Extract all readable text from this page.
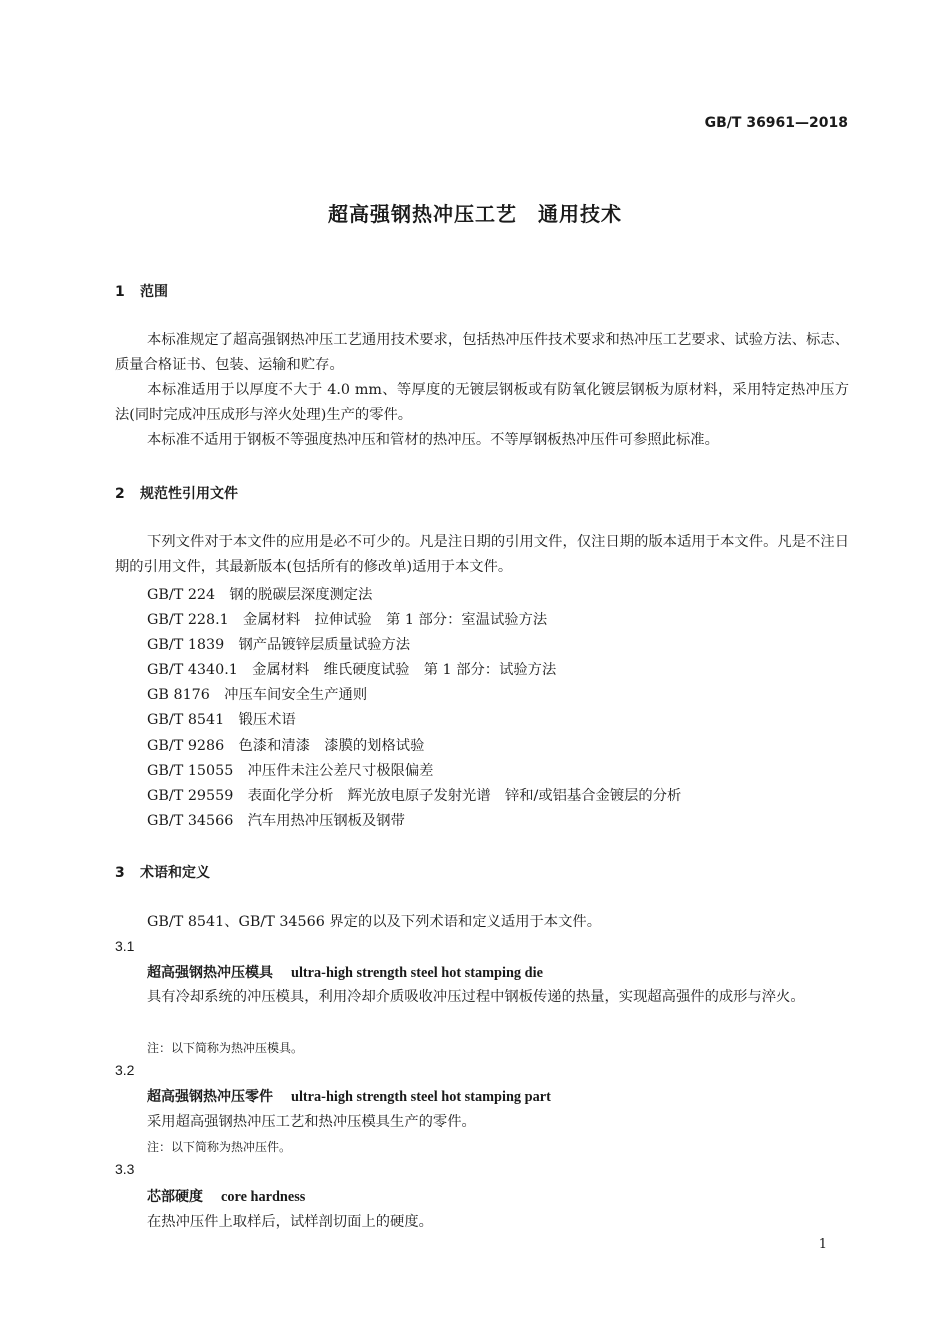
GB/T 36961—2018
超高强钢热冲压工艺　通用技术
1 范围
本标准规定了超高强钢热冲压工艺通用技术要求，包括热冲压件技术要求和热冲压工艺要求、试验方法、标志、质量合格证书、包装、运输和贮存。
本标准适用于以厚度不大于 4.0 mm、等厚度的无镀层钢板或有防氧化镀层钢板为原材料，采用特定热冲压方法(同时完成冲压成形与淬火处理)生产的零件。
本标准不适用于钢板不等强度热冲压和管材的热冲压。不等厚钢板热冲压件可参照此标准。
2 规范性引用文件
下列文件对于本文件的应用是必不可少的。凡是注日期的引用文件，仅注日期的版本适用于本文件。凡是不注日期的引用文件，其最新版本(包括所有的修改单)适用于本文件。
GB/T 224　钢的脱碳层深度测定法
GB/T 228.1　金属材料　拉伸试验　第 1 部分：室温试验方法
GB/T 1839　钢产品镀锌层质量试验方法
GB/T 4340.1　金属材料　维氏硬度试验　第 1 部分：试验方法
GB 8176　冲压车间安全生产通则
GB/T 8541　锻压术语
GB/T 9286　色漆和清漆　漆膜的划格试验
GB/T 15055　冲压件未注公差尺寸极限偏差
GB/T 29559　表面化学分析　辉光放电原子发射光谱　锌和/或铝基合金镀层的分析
GB/T 34566　汽车用热冲压钢板及钢带
3 术语和定义
GB/T 8541、GB/T 34566 界定的以及下列术语和定义适用于本文件。
3.1
超高强钢热冲压模具 ultra-high strength steel hot stamping die
具有冷却系统的冲压模具，利用冷却介质吸收冲压过程中钢板传递的热量，实现超高强件的成形与淬火。
注：以下简称为热冲压模具。
3.2
超高强钢热冲压零件 ultra-high strength steel hot stamping part
采用超高强钢热冲压工艺和热冲压模具生产的零件。
注：以下简称为热冲压件。
3.3
芯部硬度 core hardness
在热冲压件上取样后，试样剖切面上的硬度。
1
